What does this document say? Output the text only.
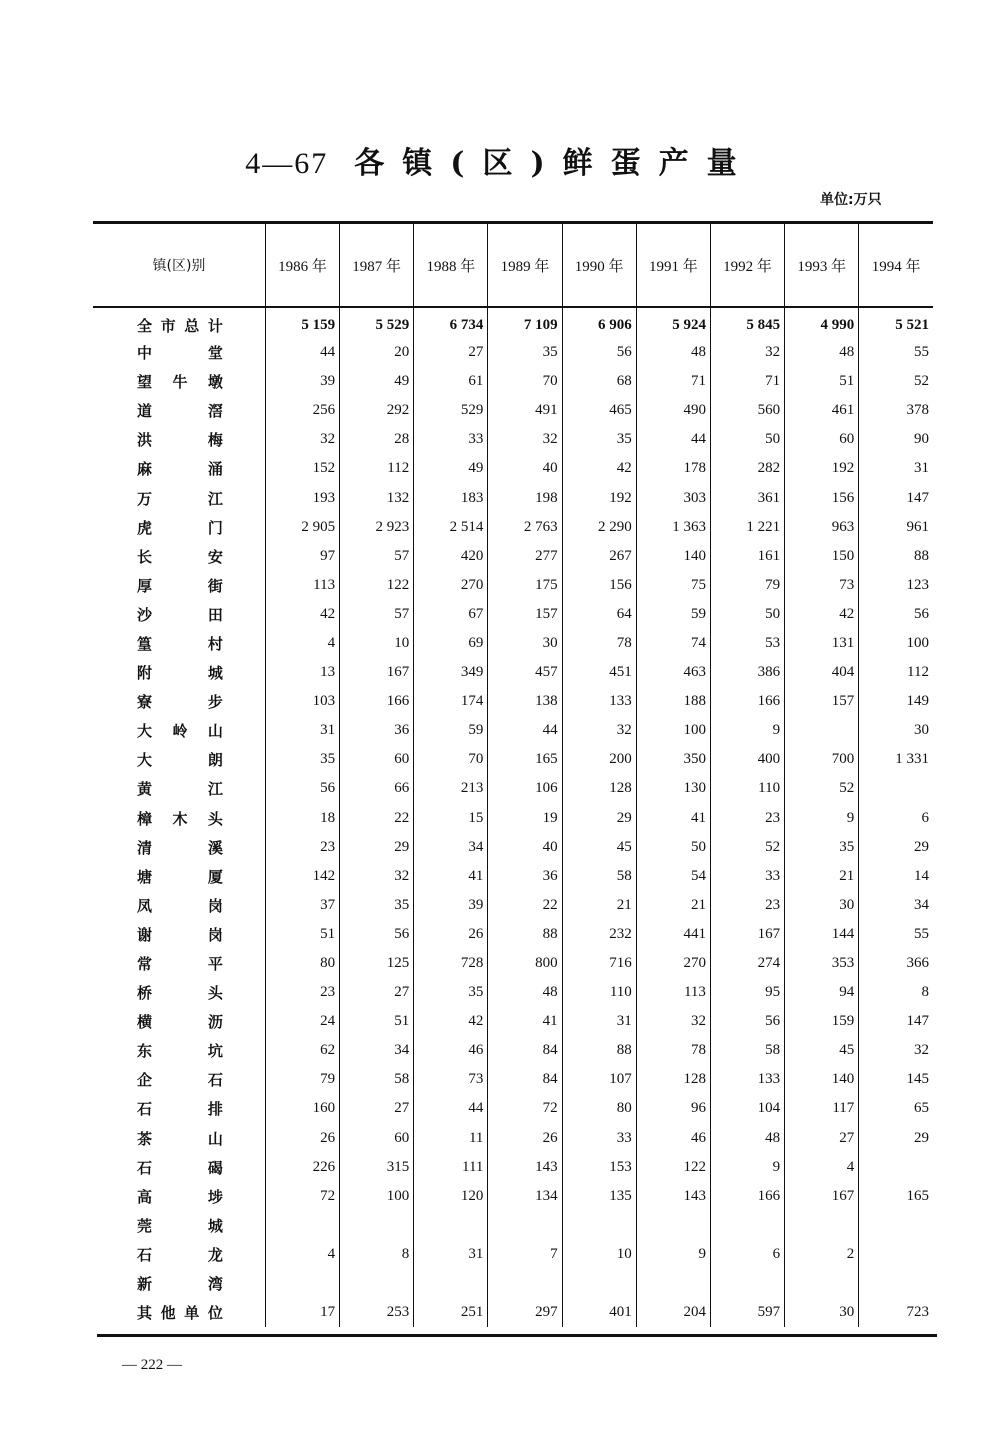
4—67 各镇(区)鲜蛋产量
单位:万只
镇(区)别	1986 年	1987 年	1988 年	1989 年	1990 年	1991 年	1992 年	1993 年	1994 年
全市总计	5 159	5 529	6 734	7 109	6 906	5 924	5 845	4 990	5 521
中堂	44	20	27	35	56	48	32	48	55
望牛墩	39	49	61	70	68	71	71	51	52
道滘	256	292	529	491	465	490	560	461	378
洪梅	32	28	33	32	35	44	50	60	90
麻涌	152	112	49	40	42	178	282	192	31
万江	193	132	183	198	192	303	361	156	147
虎门	2 905	2 923	2 514	2 763	2 290	1 363	1 221	963	961
长安	97	57	420	277	267	140	161	150	88
厚街	113	122	270	175	156	75	79	73	123
沙田	42	57	67	157	64	59	50	42	56
篁村	4	10	69	30	78	74	53	131	100
附城	13	167	349	457	451	463	386	404	112
寮步	103	166	174	138	133	188	166	157	149
大岭山	31	36	59	44	32	100	9		30
大朗	35	60	70	165	200	350	400	700	1 331
黄江	56	66	213	106	128	130	110	52	
樟木头	18	22	15	19	29	41	23	9	6
清溪	23	29	34	40	45	50	52	35	29
塘厦	142	32	41	36	58	54	33	21	14
凤岗	37	35	39	22	21	21	23	30	34
谢岗	51	56	26	88	232	441	167	144	55
常平	80	125	728	800	716	270	274	353	366
桥头	23	27	35	48	110	113	95	94	8
横沥	24	51	42	41	31	32	56	159	147
东坑	62	34	46	84	88	78	58	45	32
企石	79	58	73	84	107	128	133	140	145
石排	160	27	44	72	80	96	104	117	65
茶山	26	60	11	26	33	46	48	27	29
石碣	226	315	111	143	153	122	9	4	
高埗	72	100	120	134	135	143	166	167	165
莞城									
石龙	4	8	31	7	10	9	6	2	
新湾									
其他单位	17	253	251	297	401	204	597	30	723
— 222 —
